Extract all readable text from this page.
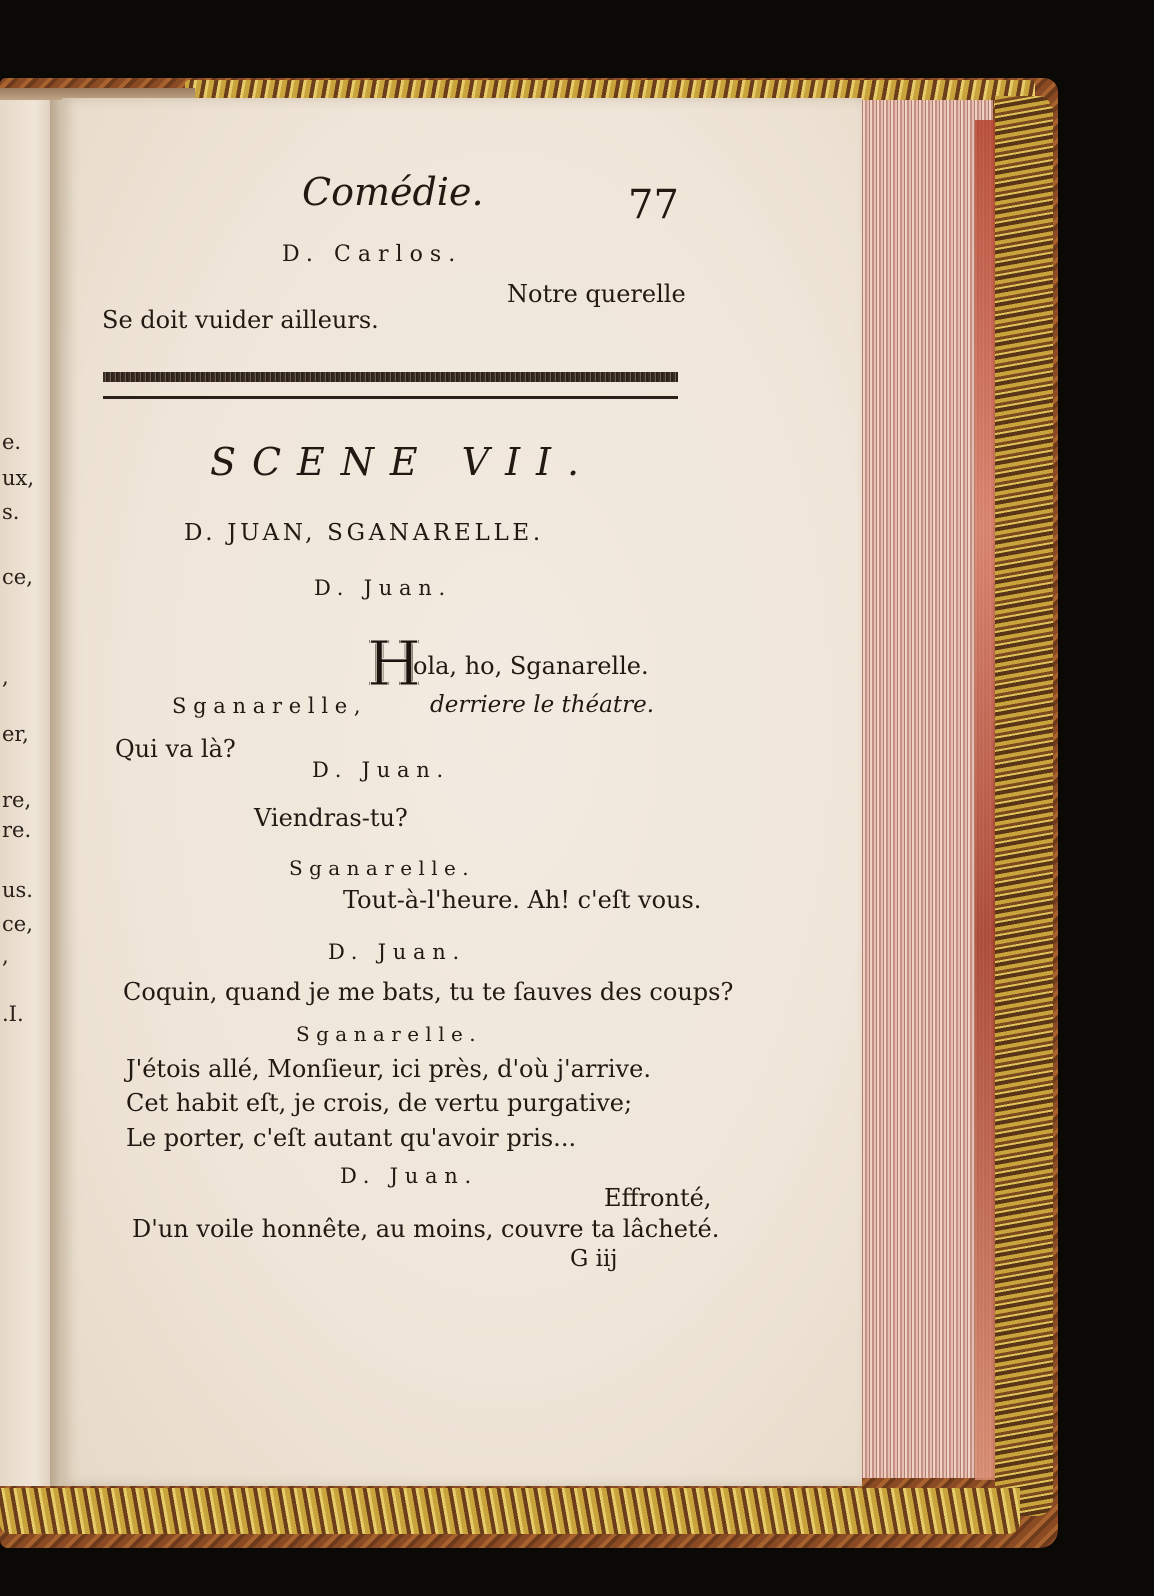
e.
ux,
s.
ce,
,
er,
re,
re.
us.
ce,
,
.I.
Comédie.	77
D. Carlos.
Notre querelle
Se doit vuider ailleurs.
SCENE VII.
D. JUAN, SGANARELLE.
D. Juan.
H
ola, ho, Sganarelle.
Sganarelle,	derriere le théatre.
Qui va là?
D. Juan.
Viendras-tu?
Sganarelle.
Tout-à-l'heure. Ah! c'eſt vous.
D. Juan.
Coquin, quand je me bats, tu te ſauves des coups?
Sganarelle.
J'étois allé, Monſieur, ici près, d'où j'arrive.
Cet habit eſt, je crois, de vertu purgative;
Le porter, c'eſt autant qu'avoir pris...
D. Juan.
Effronté,
D'un voile honnête, au moins, couvre ta lâcheté.
G iij
